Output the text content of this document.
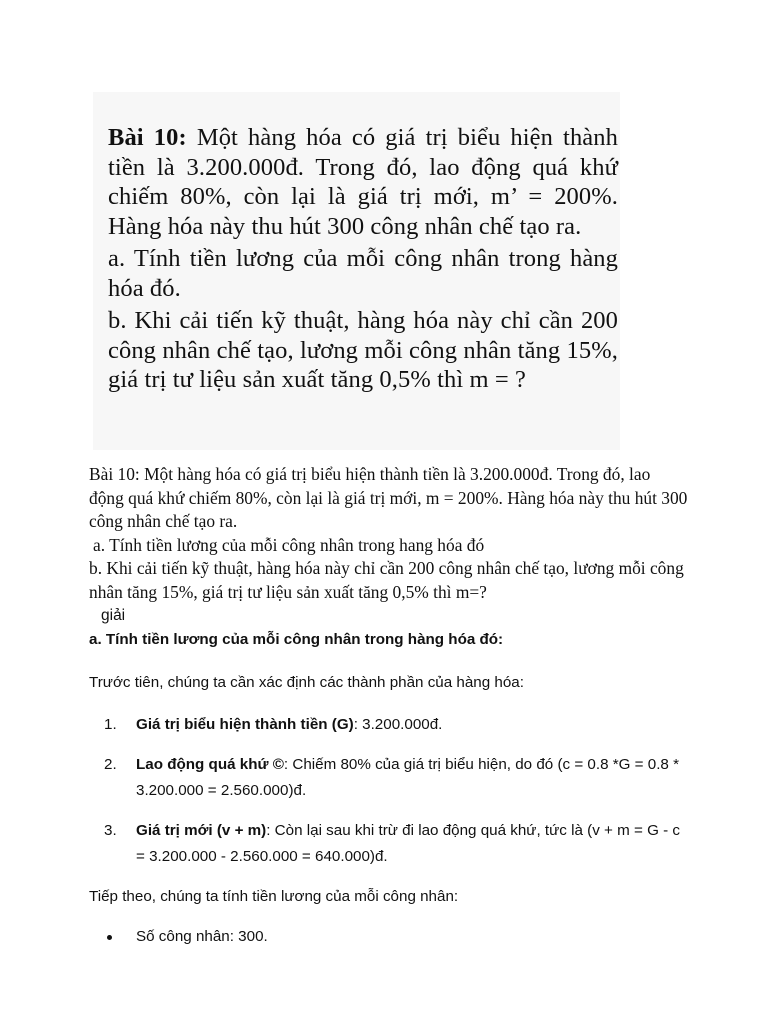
Bài 10: Một hàng hóa có giá trị biểu hiện thành tiền là 3.200.000đ. Trong đó, lao động quá khứ chiếm 80%, còn lại là giá trị mới, m’ = 200%. Hàng hóa này thu hút 300 công nhân chế tạo ra.

a. Tính tiền lương của mỗi công nhân trong hàng hóa đó.

b. Khi cải tiến kỹ thuật, hàng hóa này chỉ cần 200 công nhân chế tạo, lương mỗi công nhân tăng 15%, giá trị tư liệu sản xuất tăng 0,5% thì m = ?

Bài 10: Một hàng hóa có giá trị biểu hiện thành tiền là 3.200.000đ. Trong đó, lao động quá khứ chiếm 80%, còn lại là giá trị mới, m = 200%. Hàng hóa này thu hút 300 công nhân chế tạo ra.

a. Tính tiền lương của mỗi công nhân trong hang hóa đó

b. Khi cải tiến kỹ thuật, hàng hóa này chỉ cần 200 công nhân chế tạo, lương mỗi công nhân tăng 15%, giá trị tư liệu sản xuất tăng 0,5% thì m=?

giải

a. Tính tiền lương của mỗi công nhân trong hàng hóa đó:

Trước tiên, chúng ta cần xác định các thành phần của hàng hóa:

1. Giá trị biểu hiện thành tiền (G): 3.200.000đ.
2. Lao động quá khứ ©: Chiếm 80% của giá trị biểu hiện, do đó (c = 0.8 *G = 0.8 * 3.200.000 = 2.560.000)đ.
3. Giá trị mới (v + m): Còn lại sau khi trừ đi lao động quá khứ, tức là (v + m = G - c = 3.200.000 - 2.560.000 = 640.000)đ.

Tiếp theo, chúng ta tính tiền lương của mỗi công nhân:

Số công nhân: 300.
